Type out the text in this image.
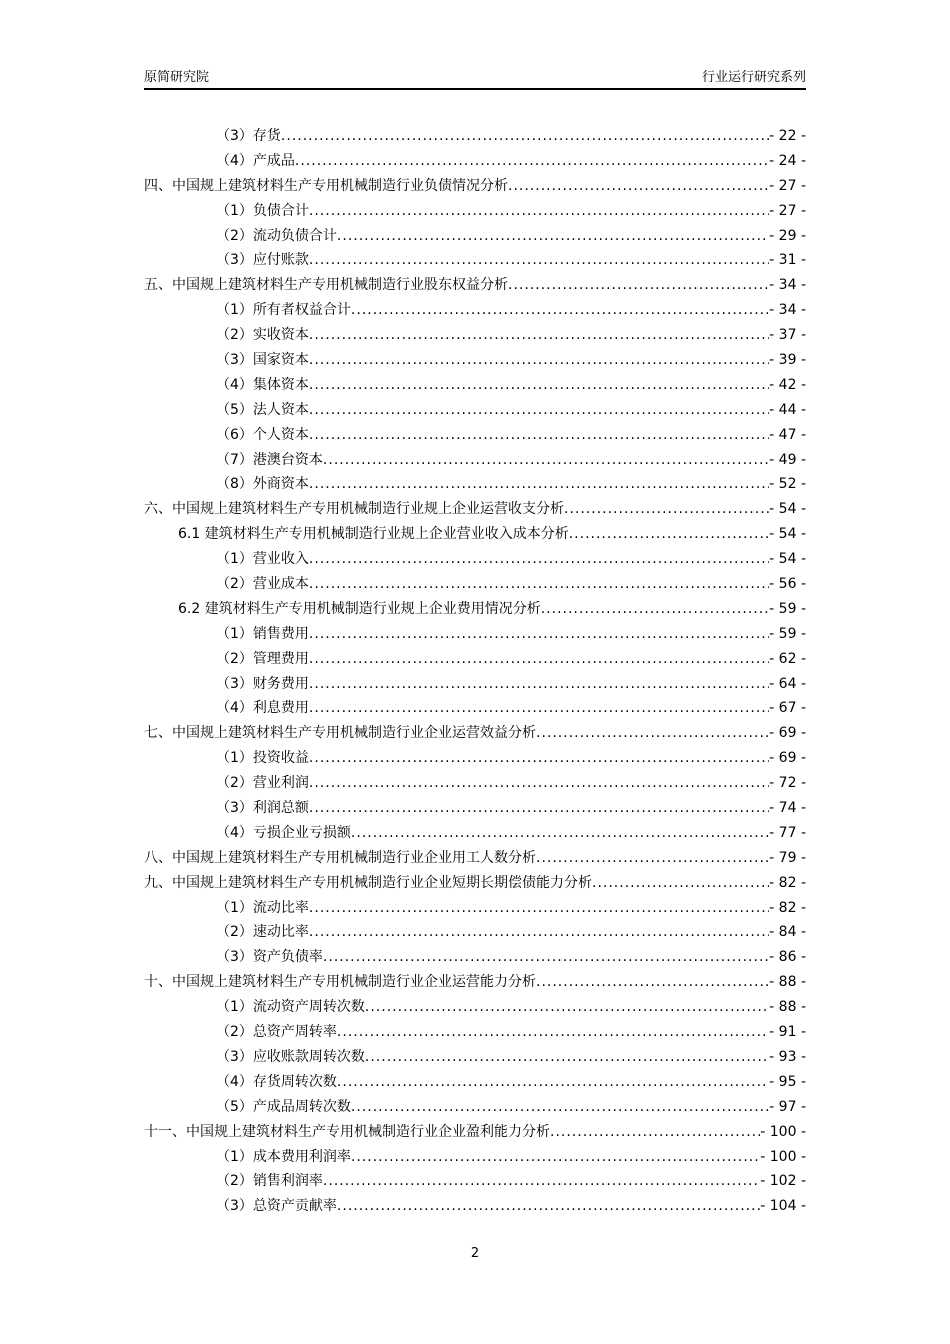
原简研究院	行业运行研究系列
（3）存货 .....	- 22 -
（4）产成品 .....	- 24 -
四、中国规上建筑材料生产专用机械制造行业负债情况分析 .....	- 27 -
（1）负债合计 .....	- 27 -
（2）流动负债合计 .....	- 29 -
（3）应付账款 .....	- 31 -
五、中国规上建筑材料生产专用机械制造行业股东权益分析 .....	- 34 -
（1）所有者权益合计 .....	- 34 -
（2）实收资本 .....	- 37 -
（3）国家资本 .....	- 39 -
（4）集体资本 .....	- 42 -
（5）法人资本 .....	- 44 -
（6）个人资本 .....	- 47 -
（7）港澳台资本 .....	- 49 -
（8）外商资本 .....	- 52 -
六、中国规上建筑材料生产专用机械制造行业规上企业运营收支分析 .....	- 54 -
6.1 建筑材料生产专用机械制造行业规上企业营业收入成本分析 .....	- 54 -
（1）营业收入 .....	- 54 -
（2）营业成本 .....	- 56 -
6.2 建筑材料生产专用机械制造行业规上企业费用情况分析 .....	- 59 -
（1）销售费用 .....	- 59 -
（2）管理费用 .....	- 62 -
（3）财务费用 .....	- 64 -
（4）利息费用 .....	- 67 -
七、中国规上建筑材料生产专用机械制造行业企业运营效益分析 .....	- 69 -
（1）投资收益 .....	- 69 -
（2）营业利润 .....	- 72 -
（3）利润总额 .....	- 74 -
（4）亏损企业亏损额 .....	- 77 -
八、中国规上建筑材料生产专用机械制造行业企业用工人数分析 .....	- 79 -
九、中国规上建筑材料生产专用机械制造行业企业短期长期偿债能力分析 .....	- 82 -
（1）流动比率 .....	- 82 -
（2）速动比率 .....	- 84 -
（3）资产负债率 .....	- 86 -
十、中国规上建筑材料生产专用机械制造行业企业运营能力分析 .....	- 88 -
（1）流动资产周转次数 .....	- 88 -
（2）总资产周转率 .....	- 91 -
（3）应收账款周转次数 .....	- 93 -
（4）存货周转次数 .....	- 95 -
（5）产成品周转次数 .....	- 97 -
十一、中国规上建筑材料生产专用机械制造行业企业盈利能力分析 .....	- 100 -
（1）成本费用利润率 .....	- 100 -
（2）销售利润率 .....	- 102 -
（3）总资产贡献率 .....	- 104 -
2
